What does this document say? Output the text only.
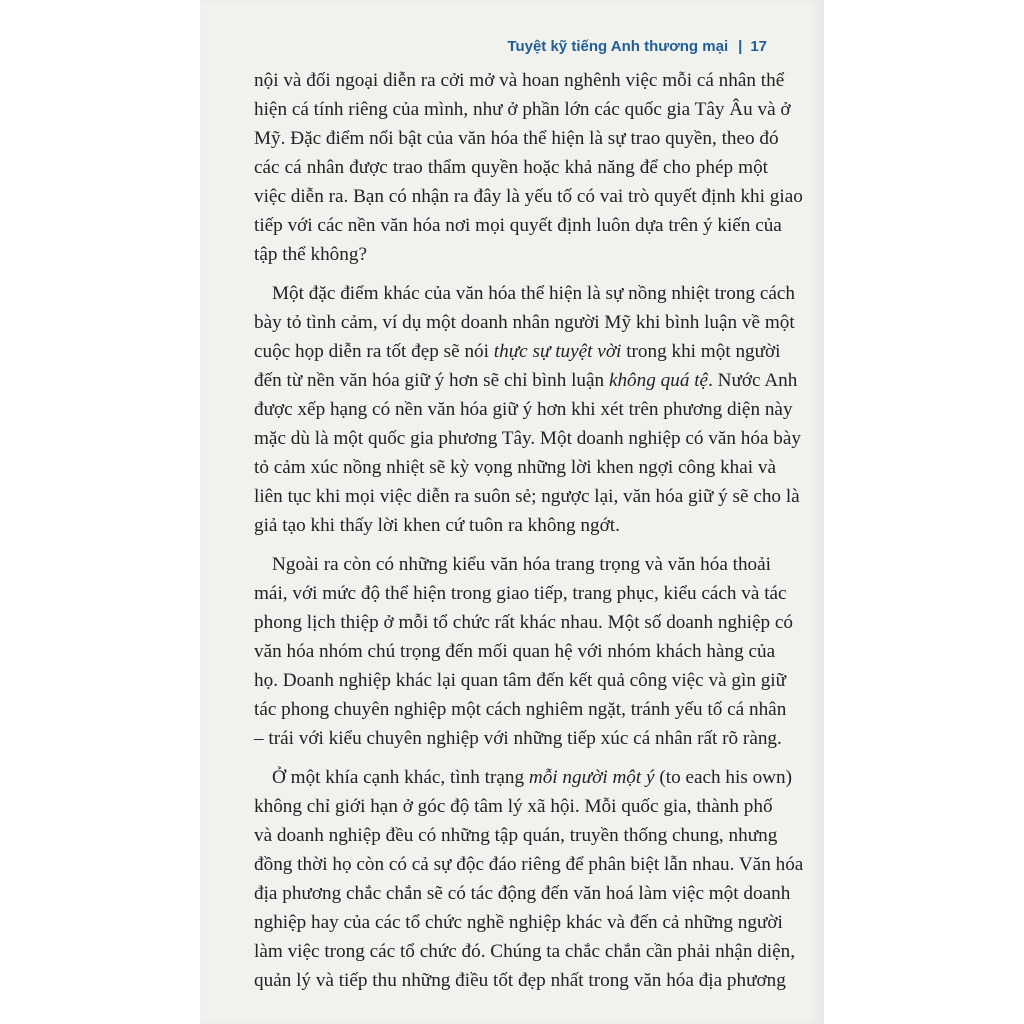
Tuyệt kỹ tiếng Anh thương mại | 17
nội và đối ngoại diễn ra cởi mở và hoan nghênh việc mỗi cá nhân thể
hiện cá tính riêng của mình, như ở phần lớn các quốc gia Tây Âu và ở
Mỹ. Đặc điểm nổi bật của văn hóa thể hiện là sự trao quyền, theo đó
các cá nhân được trao thẩm quyền hoặc khả năng để cho phép một
việc diễn ra. Bạn có nhận ra đây là yếu tố có vai trò quyết định khi giao
tiếp với các nền văn hóa nơi mọi quyết định luôn dựa trên ý kiến của
tập thể không?
Một đặc điểm khác của văn hóa thể hiện là sự nồng nhiệt trong cách
bày tỏ tình cảm, ví dụ một doanh nhân người Mỹ khi bình luận về một
cuộc họp diễn ra tốt đẹp sẽ nói thực sự tuyệt vời trong khi một người
đến từ nền văn hóa giữ ý hơn sẽ chỉ bình luận không quá tệ. Nước Anh
được xếp hạng có nền văn hóa giữ ý hơn khi xét trên phương diện này
mặc dù là một quốc gia phương Tây. Một doanh nghiệp có văn hóa bày
tỏ cảm xúc nồng nhiệt sẽ kỳ vọng những lời khen ngợi công khai và
liên tục khi mọi việc diễn ra suôn sẻ; ngược lại, văn hóa giữ ý sẽ cho là
giả tạo khi thấy lời khen cứ tuôn ra không ngớt.
Ngoài ra còn có những kiểu văn hóa trang trọng và văn hóa thoải
mái, với mức độ thể hiện trong giao tiếp, trang phục, kiểu cách và tác
phong lịch thiệp ở mỗi tổ chức rất khác nhau. Một số doanh nghiệp có
văn hóa nhóm chú trọng đến mối quan hệ với nhóm khách hàng của
họ. Doanh nghiệp khác lại quan tâm đến kết quả công việc và gìn giữ
tác phong chuyên nghiệp một cách nghiêm ngặt, tránh yếu tố cá nhân
– trái với kiểu chuyên nghiệp với những tiếp xúc cá nhân rất rõ ràng.
Ở một khía cạnh khác, tình trạng mỗi người một ý (to each his own)
không chỉ giới hạn ở góc độ tâm lý xã hội. Mỗi quốc gia, thành phố
và doanh nghiệp đều có những tập quán, truyền thống chung, nhưng
đồng thời họ còn có cả sự độc đáo riêng để phân biệt lẫn nhau. Văn hóa
địa phương chắc chắn sẽ có tác động đến văn hoá làm việc một doanh
nghiệp hay của các tổ chức nghề nghiệp khác và đến cả những người
làm việc trong các tổ chức đó. Chúng ta chắc chắn cần phải nhận diện,
quản lý và tiếp thu những điều tốt đẹp nhất trong văn hóa địa phương
